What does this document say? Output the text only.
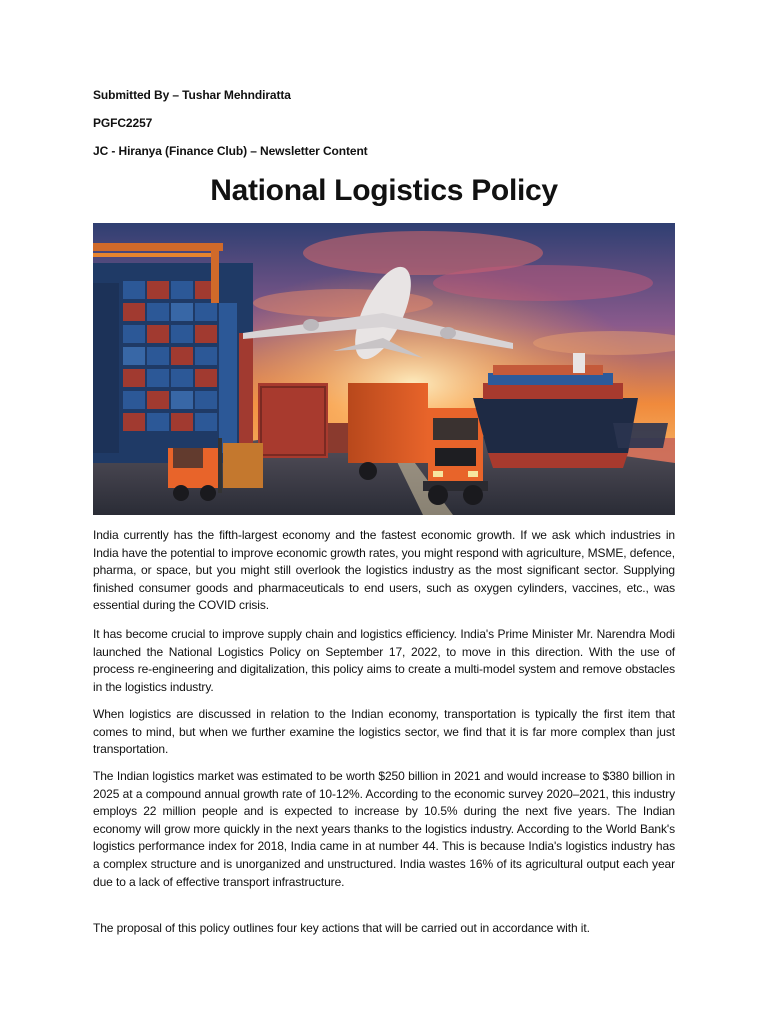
Submitted By – Tushar Mehndiratta
PGFC2257
JC - Hiranya (Finance Club) – Newsletter Content
National Logistics Policy
India currently has the fifth-largest economy and the fastest economic growth. If we ask which industries in India have the potential to improve economic growth rates, you might respond with agriculture, MSME, defence, pharma, or space, but you might still overlook the logistics industry as the most significant sector. Supplying finished consumer goods and pharmaceuticals to end users, such as oxygen cylinders, vaccines, etc., was essential during the COVID crisis.
It has become crucial to improve supply chain and logistics efficiency. India's Prime Minister Mr. Narendra Modi launched the National Logistics Policy on September 17, 2022, to move in this direction. With the use of process re-engineering and digitalization, this policy aims to create a multi-model system and remove obstacles in the logistics industry.
When logistics are discussed in relation to the Indian economy, transportation is typically the first item that comes to mind, but when we further examine the logistics sector, we find that it is far more complex than just transportation.
The Indian logistics market was estimated to be worth $250 billion in 2021 and would increase to $380 billion in 2025 at a compound annual growth rate of 10-12%. According to the economic survey 2020–2021, this industry employs 22 million people and is expected to increase by 10.5% during the next five years. The Indian economy will grow more quickly in the next years thanks to the logistics industry. According to the World Bank's logistics performance index for 2018, India came in at number 44. This is because India's logistics industry has a complex structure and is unorganized and unstructured. India wastes 16% of its agricultural output each year due to a lack of effective transport infrastructure.
The proposal of this policy outlines four key actions that will be carried out in accordance with it.
